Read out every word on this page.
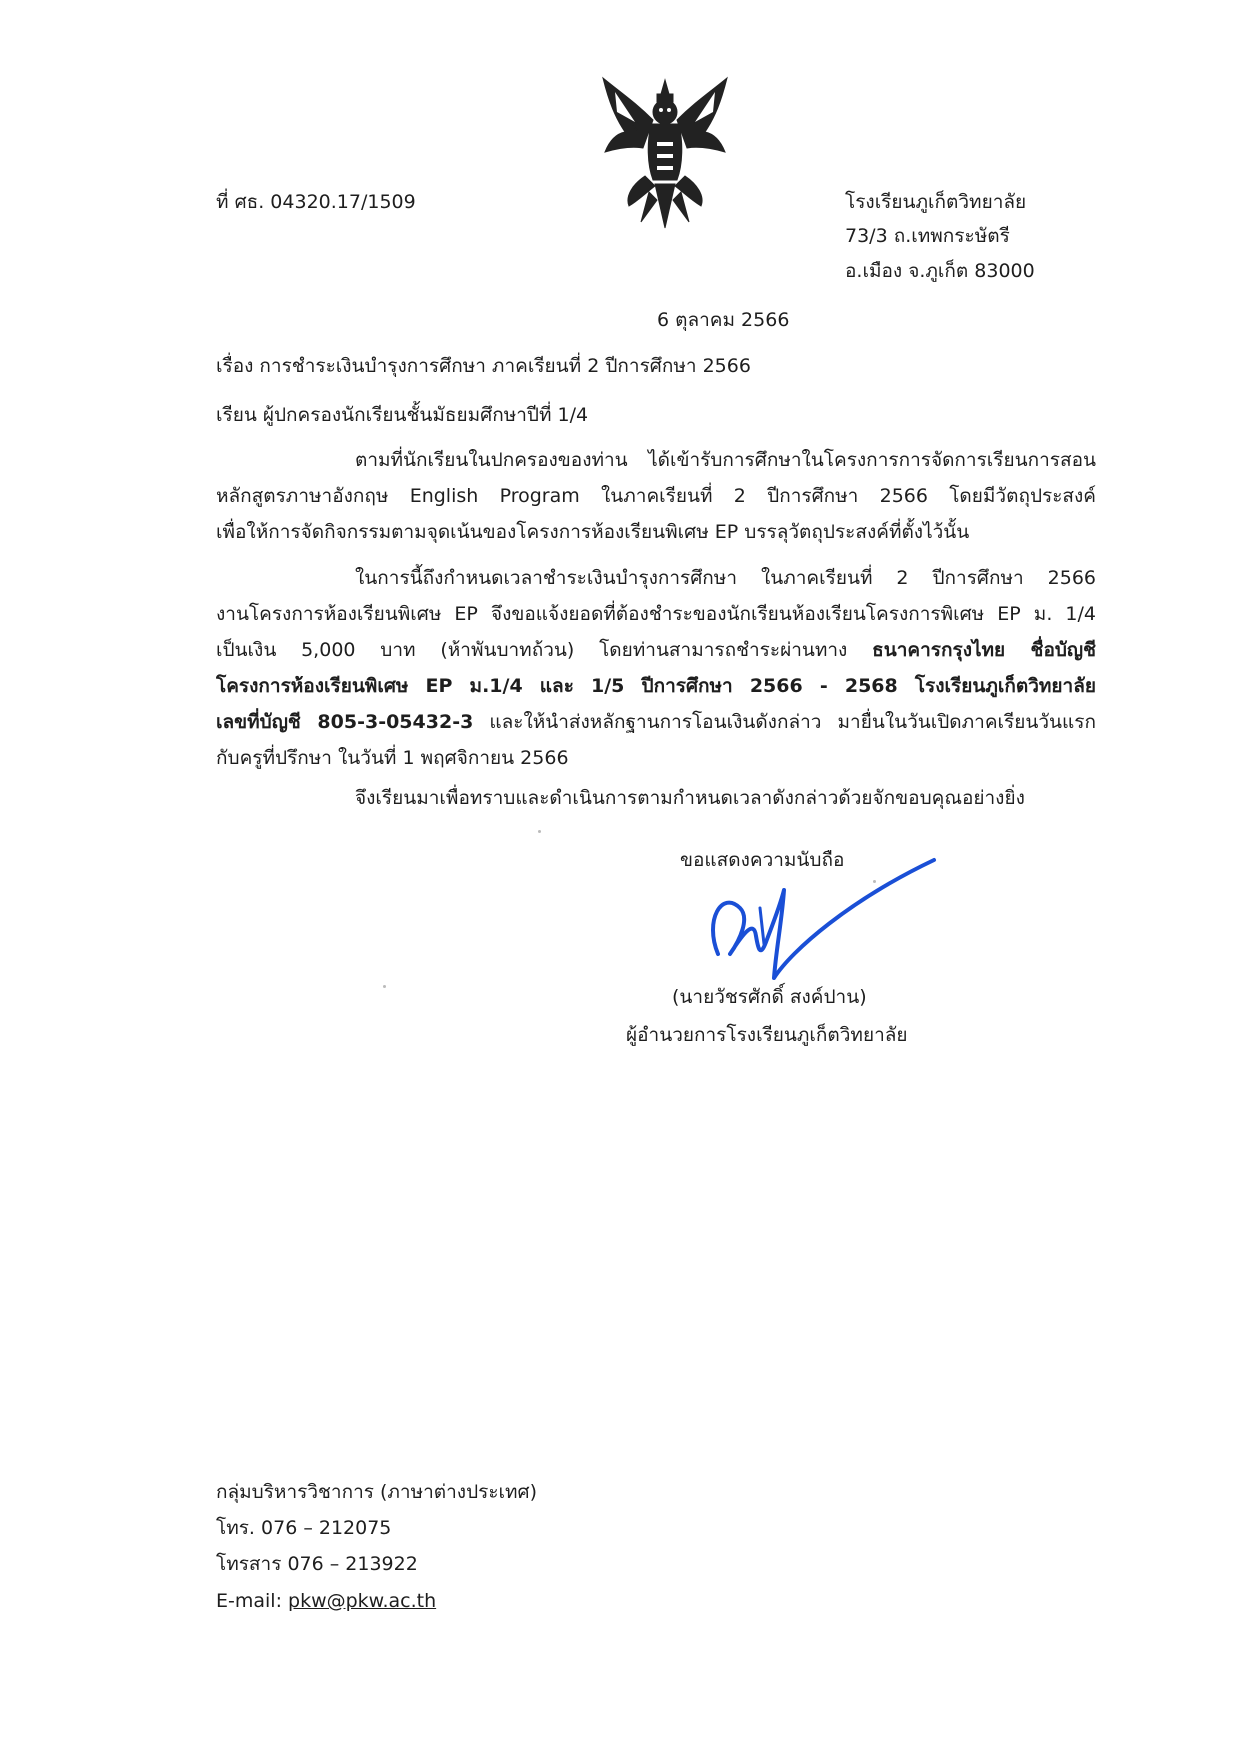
ที่ ศธ. 04320.17/1509	โรงเรียนภูเก็ตวิทยาลัย
73/3 ถ.เทพกระษัตรี
อ.เมือง จ.ภูเก็ต 83000
6 ตุลาคม 2566
เรื่อง การชำระเงินบำรุงการศึกษา ภาคเรียนที่ 2 ปีการศึกษา 2566
เรียน ผู้ปกครองนักเรียนชั้นมัธยมศึกษาปีที่ 1/4
ตามที่นักเรียนในปกครองของท่าน ได้เข้ารับการศึกษาในโครงการการจัดการเรียนการสอน
หลักสูตรภาษาอังกฤษ English Program ในภาคเรียนที่ 2 ปีการศึกษา 2566 โดยมีวัตถุประสงค์
เพื่อให้การจัดกิจกรรมตามจุดเน้นของโครงการห้องเรียนพิเศษ EP บรรลุวัตถุประสงค์ที่ตั้งไว้นั้น
ในการนี้ถึงกำหนดเวลาชำระเงินบำรุงการศึกษา ในภาคเรียนที่ 2 ปีการศึกษา 2566
งานโครงการห้องเรียนพิเศษ EP จึงขอแจ้งยอดที่ต้องชำระของนักเรียนห้องเรียนโครงการพิเศษ EP ม. 1/4
เป็นเงิน 5,000 บาท (ห้าพันบาทถ้วน) โดยท่านสามารถชำระผ่านทาง ธนาคารกรุงไทย ชื่อบัญชี
โครงการห้องเรียนพิเศษ EP ม.1/4 และ 1/5 ปีการศึกษา 2566 - 2568 โรงเรียนภูเก็ตวิทยาลัย
เลขที่บัญชี 805-3-05432-3 และให้นำส่งหลักฐานการโอนเงินดังกล่าว มายื่นในวันเปิดภาคเรียนวันแรก
กับครูที่ปรึกษา ในวันที่ 1 พฤศจิกายน 2566
จึงเรียนมาเพื่อทราบและดำเนินการตามกำหนดเวลาดังกล่าวด้วยจักขอบคุณอย่างยิ่ง
ขอแสดงความนับถือ
(นายวัชรศักดิ์ สงค์ปาน)
ผู้อำนวยการโรงเรียนภูเก็ตวิทยาลัย
กลุ่มบริหารวิชาการ (ภาษาต่างประเทศ)
โทร. 076 – 212075
โทรสาร 076 – 213922
E-mail: pkw@pkw.ac.th
